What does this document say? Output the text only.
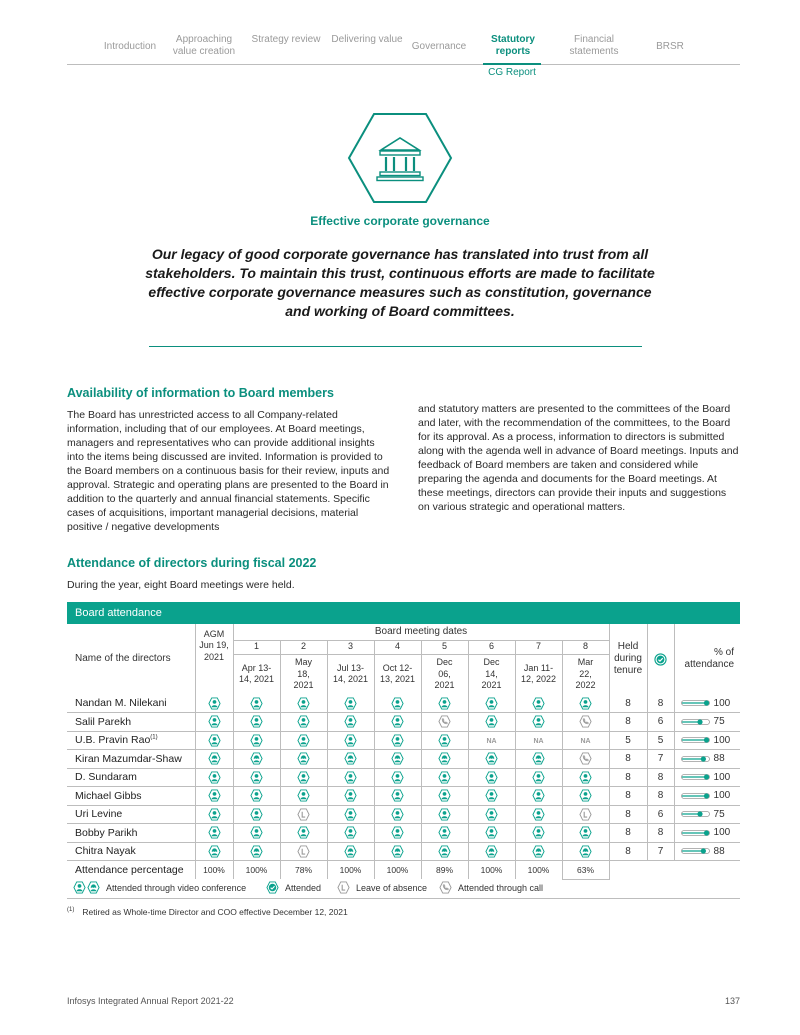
Introduction
Approaching value creation
Strategy review	Delivering value
Governance
Statutory reports
Financial statements	BRSR
CG Report
Effective corporate governance
Our legacy of good corporate governance has translated into trust from all stakeholders. To maintain this trust, continuous efforts are made to facilitate effective corporate governance measures such as constitution, governance and working of Board committees.
Availability of information to Board members
The Board has unrestricted access to all Company-related information, including that of our employees. At Board meetings, managers and representatives who can provide additional insights into the items being discussed are invited. Information is provided to the Board members on a continuous basis for their review, inputs and approval. Strategic and operating plans are presented to the Board in addition to the quarterly and annual financial statements. Specific cases of acquisitions, important managerial decisions, material positive / negative developments
and statutory matters are presented to the committees of the Board and later, with the recommendation of the committees, to the Board for its approval. As a process, information to directors is submitted along with the agenda well in advance of Board meetings. Inputs and feedback of Board members are taken and considered while preparing the agenda and documents for the Board meetings. At these meetings, directors can provide their inputs and suggestions on various strategic and operational matters.
Attendance of directors during fiscal 2022
During the year, eight Board meetings were held.
Board attendance
Name of the directors	AGM	Board meeting dates								Held during tenure		% of attendance
	Jun 19, 2021	1	2	3	4	5	6	7	8			
		Apr 13-14, 2021	May 18, 2021	Jul 13-14, 2021	Oct 12-13, 2021	Dec 06, 2021	Dec 14, 2021	Jan 11-12, 2022	Mar 22, 2022			
Nandan M. Nilekani										8	8	100
Salil Parekh										8	6	75
U.B. Pravin Rao$^{(1)}$							NA	NA	NA	5	5	100
Kiran Mazumdar-Shaw										8	7	88
D. Sundaram										8	8	100
Michael Gibbs										8	8	100
Uri Levine										8	6	75
Bobby Parikh										8	8	100
Chitra Nayak										8	7	88
Attendance percentage	100%	100%	78%	100%	100%	89%	100%	100%	63%			
Attended through video conference	Attended	Leave of absence	Attended through call
$^{(1)}$ Retired as Whole-time Director and COO effective December 12, 2021
Infosys Integrated Annual Report 2021-22	137
